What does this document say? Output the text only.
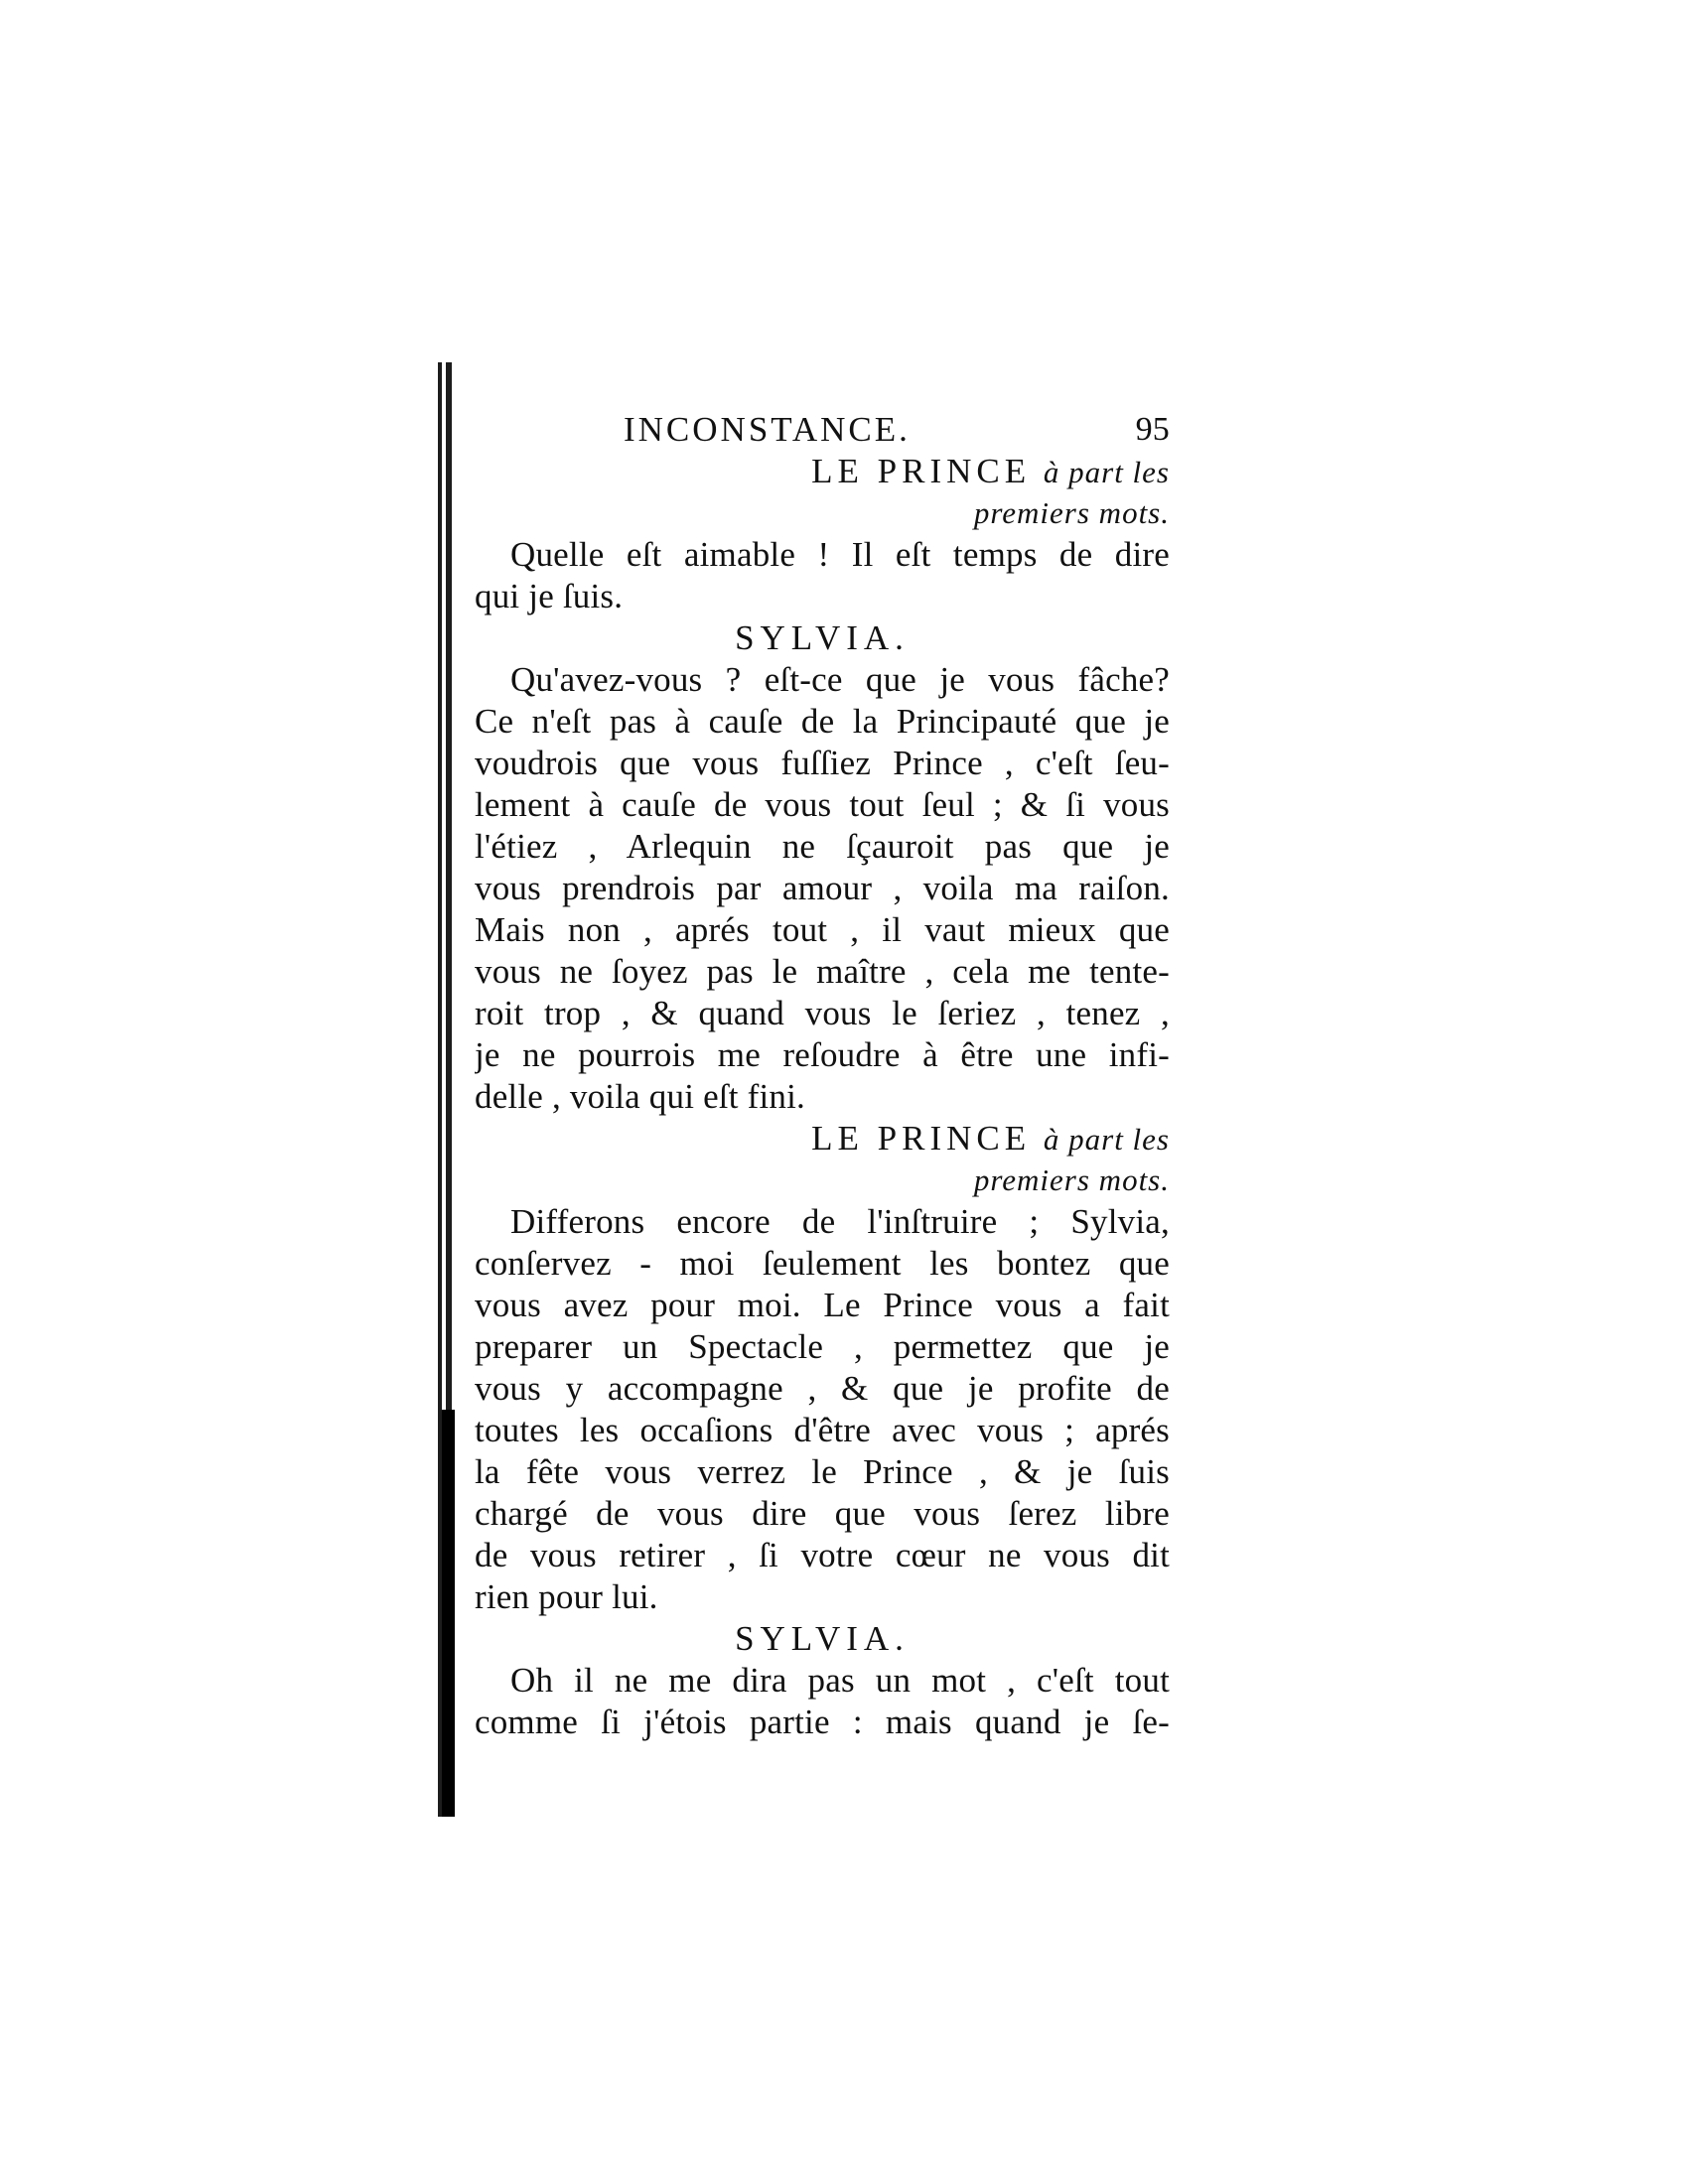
INCONSTANCE.	95
LE PRINCE à part les
premiers mots.
Quelle eſt aimable ! Il eſt temps de dire
qui je ſuis.
SYLVIA.
Qu'avez-vous ? eſt-ce que je vous fâche?
Ce n'eſt pas à cauſe de la Principauté que je
voudrois que vous fuſſiez Prince , c'eſt ſeu-
lement à cauſe de vous tout ſeul ; & ſi vous
l'étiez , Arlequin ne ſçauroit pas que je
vous prendrois par amour , voila ma raiſon.
Mais non , aprés tout , il vaut mieux que
vous ne ſoyez pas le maître , cela me tente-
roit trop , & quand vous le ſeriez , tenez ,
je ne pourrois me reſoudre à être une infi-
delle , voila qui eſt fini.
LE PRINCE à part les
premiers mots.
Differons encore de l'inſtruire ; Sylvia,
conſervez - moi ſeulement les bontez que
vous avez pour moi. Le Prince vous a fait
preparer un Spectacle , permettez que je
vous y accompagne , & que je profite de
toutes les occaſions d'être avec vous ; aprés
la fête vous verrez le Prince , & je ſuis
chargé de vous dire que vous ſerez libre
de vous retirer , ſi votre cœur ne vous dit
rien pour lui.
SYLVIA.
Oh il ne me dira pas un mot , c'eſt tout
comme ſi j'étois partie : mais quand je ſe-
